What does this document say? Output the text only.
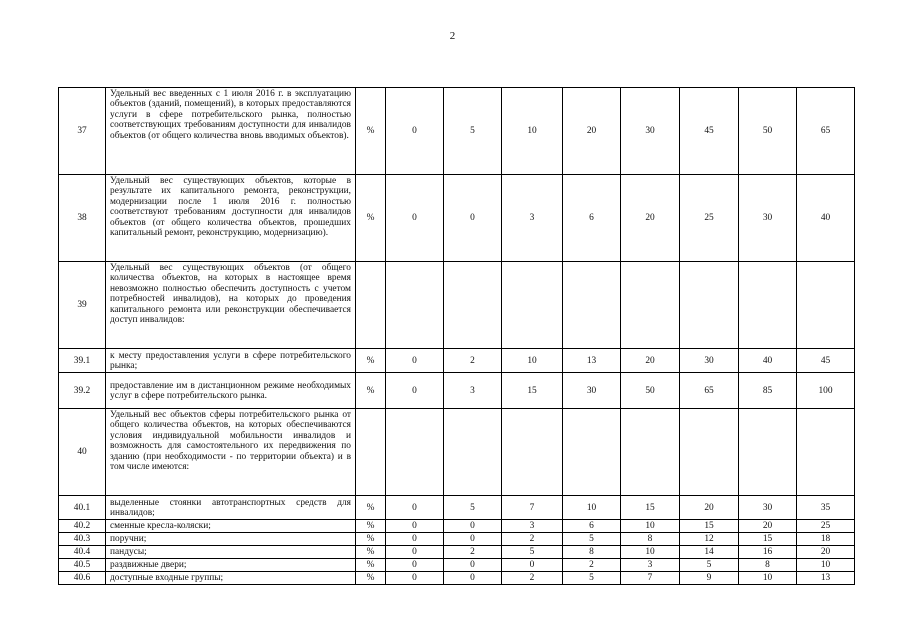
2
37	Удельный вес введенных с 1 июля 2016 г. в эксплуатацию объектов (зданий, помещений), в которых предоставляются услуги в сфере потребительского рынка, полностью соответствующих требованиям доступности для инвалидов объектов (от общего количества вновь вводимых объектов).	%	0	5	10	20	30	45	50	65
38	Удельный вес существующих объектов, которые в результате их капитального ремонта, реконструкции, модернизации после 1 июля 2016 г. полностью соответствуют требованиям доступности для инвалидов объектов (от общего количества объектов, прошедших капитальный ремонт, реконструкцию, модернизацию).	%	0	0	3	6	20	25	30	40
39	Удельный вес существующих объектов (от общего количества объектов, на которых в настоящее время невозможно полностью обеспечить доступность с учетом потребностей инвалидов), на которых до проведения капитального ремонта или реконструкции обеспечивается доступ инвалидов:									
39.1	к месту предоставления услуги в сфере потребительского рынка;	%	0	2	10	13	20	30	40	45
39.2	предоставление им в дистанционном режиме необходимых услуг в сфере потребительского рынка.	%	0	3	15	30	50	65	85	100
40	Удельный вес объектов сферы потребительского рынка от общего количества объектов, на которых обеспечиваются условия индивидуальной мобильности инвалидов и возможность для самостоятельного их передвижения по зданию (при необходимости - по территории объекта) и в том числе имеются:									
40.1	выделенные стоянки автотранспортных средств для инвалидов;	%	0	5	7	10	15	20	30	35
40.2	сменные кресла-коляски;	%	0	0	3	6	10	15	20	25
40.3	поручни;	%	0	0	2	5	8	12	15	18
40.4	пандусы;	%	0	2	5	8	10	14	16	20
40.5	раздвижные двери;	%	0	0	0	2	3	5	8	10
40.6	доступные входные группы;	%	0	0	2	5	7	9	10	13
